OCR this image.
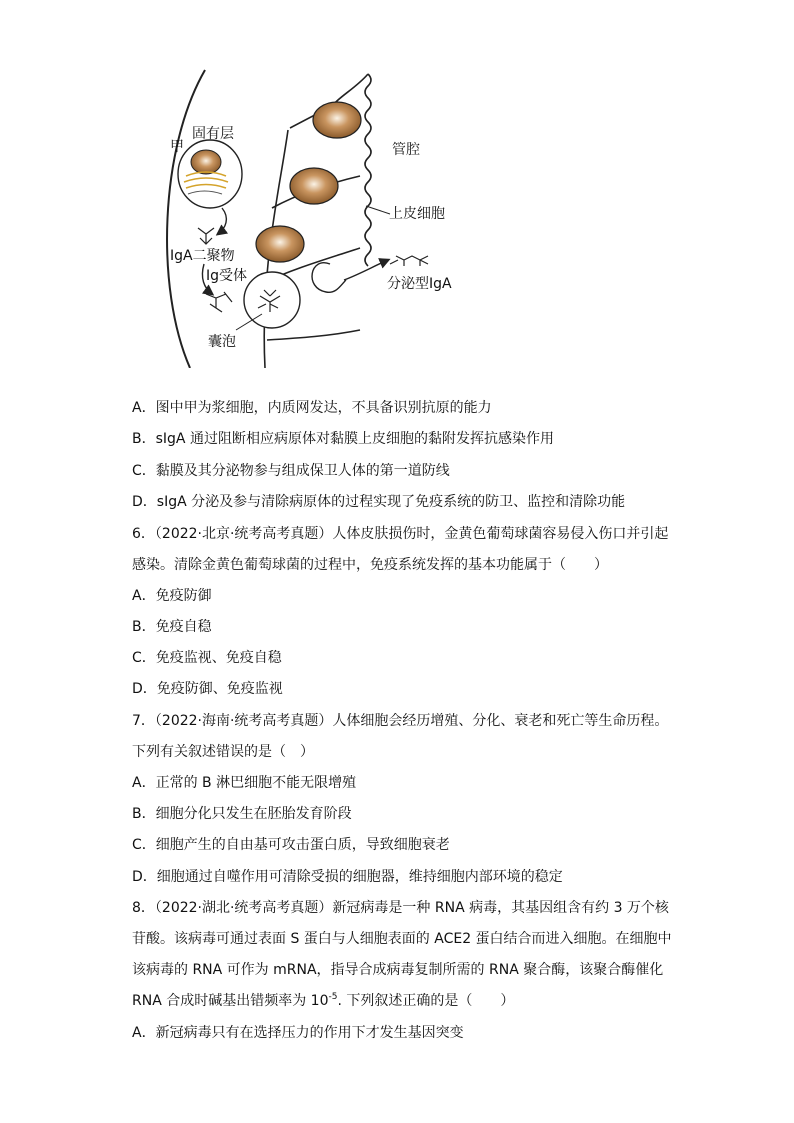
甲
固有层
管腔
上皮细胞
IgA二聚物
Ig受体
囊泡
分泌型IgA
A．图中甲为浆细胞，内质网发达，不具备识别抗原的能力
B．sIgA 通过阻断相应病原体对黏膜上皮细胞的黏附发挥抗感染作用
C．黏膜及其分泌物参与组成保卫人体的第一道防线
D．sIgA 分泌及参与清除病原体的过程实现了免疫系统的防卫、监控和清除功能
6．（2022·北京·统考高考真题）人体皮肤损伤时，金黄色葡萄球菌容易侵入伤口并引起
感染。清除金黄色葡萄球菌的过程中，免疫系统发挥的基本功能属于（　　）
A．免疫防御
B．免疫自稳
C．免疫监视、免疫自稳
D．免疫防御、免疫监视
7．（2022·海南·统考高考真题）人体细胞会经历增殖、分化、衰老和死亡等生命历程。
下列有关叙述错误的是（　）
A．正常的 B 淋巴细胞不能无限增殖
B．细胞分化只发生在胚胎发育阶段
C．细胞产生的自由基可攻击蛋白质，导致细胞衰老
D．细胞通过自噬作用可清除受损的细胞器，维持细胞内部环境的稳定
8．（2022·湖北·统考高考真题）新冠病毒是一种 RNA 病毒，其基因组含有约 3 万个核
苷酸。该病毒可通过表面 S 蛋白与人细胞表面的 ACE2 蛋白结合而进入细胞。在细胞中
该病毒的 RNA 可作为 mRNA，指导合成病毒复制所需的 RNA 聚合酶，该聚合酶催化
RNA 合成时碱基出错频率为 $10^{-5}$. 下列叙述正确的是（　　）
A．新冠病毒只有在选择压力的作用下才发生基因突变
